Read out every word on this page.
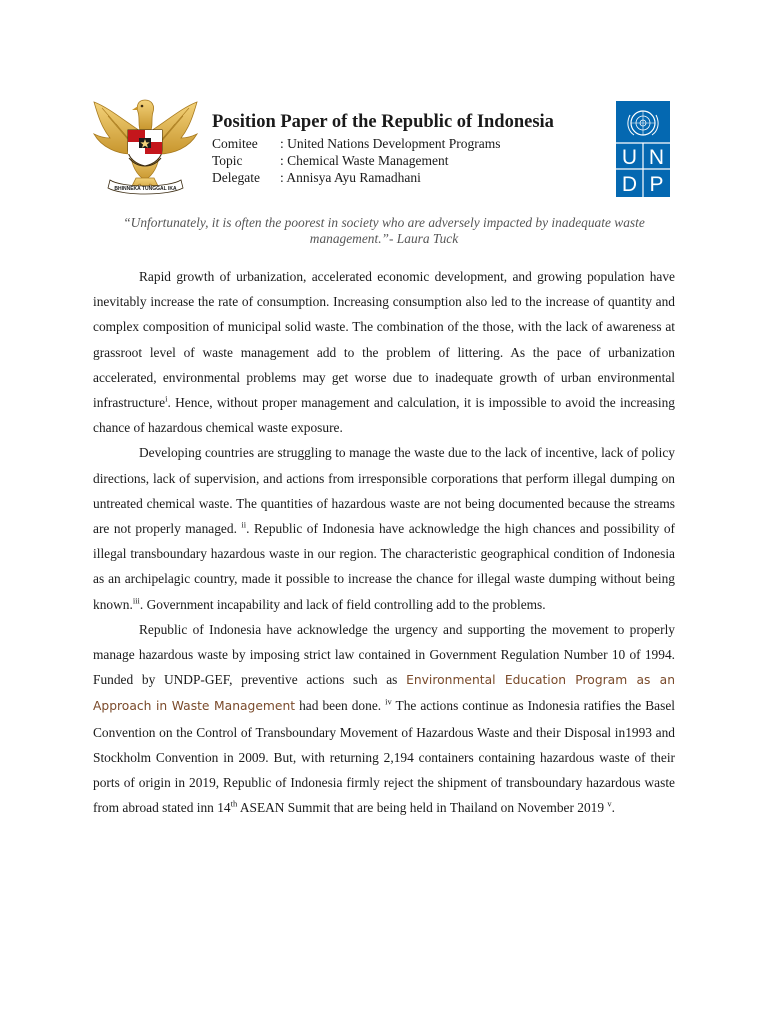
BHINNEKA TUNGGAL IKA
U N
D P
Position Paper of the Republic of Indonesia
Comitee : United Nations Development Programs
Topic	: Chemical Waste Management
Delegate : Annisya Ayu Ramadhani
“Unfortunately, it is often the poorest in society who are adversely impacted by inadequate waste management.”- Laura Tuck

Rapid growth of urbanization, accelerated economic development, and growing population have inevitably increase the rate of consumption. Increasing consumption also led to the increase of quantity and complex composition of municipal solid waste. The combination of the those, with the lack of awareness at grassroot level of waste management add to the problem of littering. As the pace of urbanization accelerated, environmental problems may get worse due to inadequate growth of urban environmental infrastructure$^i$. Hence, without proper management and calculation, it is impossible to avoid the increasing chance of hazardous chemical waste exposure.

Developing countries are struggling to manage the waste due to the lack of incentive, lack of policy directions, lack of supervision, and actions from irresponsible corporations that perform illegal dumping on untreated chemical waste. The quantities of hazardous waste are not being documented because the streams are not properly managed. $^{ii}$. Republic of Indonesia have acknowledge the high chances and possibility of illegal transboundary hazardous waste in our region. The characteristic geographical condition of Indonesia as an archipelagic country, made it possible to increase the chance for illegal waste dumping without being known.$^{iii}$. Government incapability and lack of field controlling add to the problems.

Republic of Indonesia have acknowledge the urgency and supporting the movement to properly manage hazardous waste by imposing strict law contained in Government Regulation Number 10 of 1994. Funded by UNDP-GEF, preventive actions such as Environmental Education Program as an Approach in Waste Management had been done. $^{iv}$ The actions continue as Indonesia ratifies the Basel Convention on the Control of Transboundary Movement of Hazardous Waste and their Disposal in1993 and Stockholm Convention in 2009. But, with returning 2,194 containers containing hazardous waste of their ports of origin in 2019, Republic of Indonesia firmly reject the shipment of transboundary hazardous waste from abroad stated inn 14th ASEAN Summit that are being held in Thailand on November 2019 $^v$.
